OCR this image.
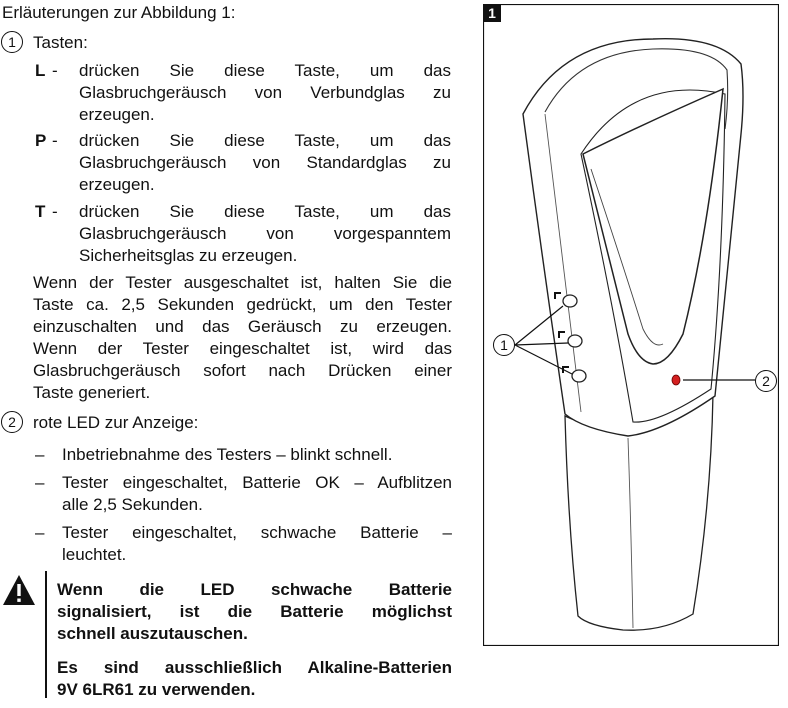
Erläuterungen zur Abbildung 1:
1	Tasten:
L - drücken Sie diese Taste, um das
Glasbruchgeräusch von Verbundglas zu
erzeugen.
P - drücken Sie diese Taste, um das
Glasbruchgeräusch von Standardglas zu
erzeugen.
T - drücken Sie diese Taste, um das
Glasbruchgeräusch von vorgespanntem
Sicherheitsglas zu erzeugen.
Wenn der Tester ausgeschaltet ist, halten Sie die
Taste ca. 2,5 Sekunden gedrückt, um den Tester
einzuschalten und das Geräusch zu erzeugen.
Wenn der Tester eingeschaltet ist, wird das
Glasbruchgeräusch sofort nach Drücken einer
Taste generiert.
2	rote LED zur Anzeige:
– Inbetriebnahme des Testers – blinkt schnell.
– Tester eingeschaltet, Batterie OK – Aufblitzen
alle 2,5 Sekunden.
– Tester eingeschaltet, schwache Batterie –
leuchtet.
Wenn die LED schwache Batterie
signalisiert, ist die Batterie möglichst
schnell auszutauschen.
Es sind ausschließlich Alkaline-Batterien
9V 6LR61 zu verwenden.
1
1
2
